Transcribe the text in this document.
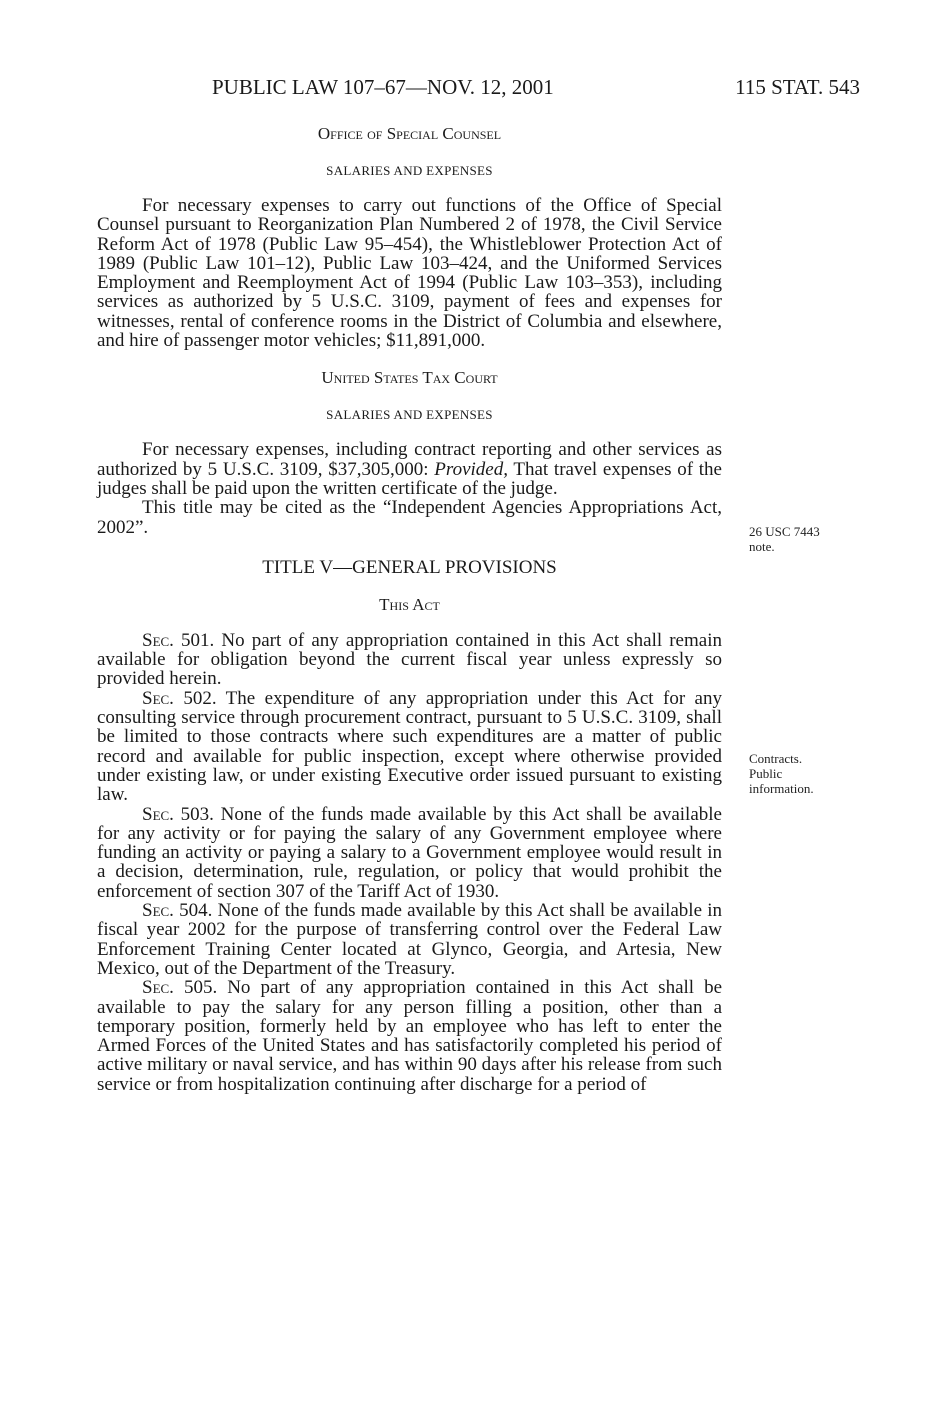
PUBLIC LAW 107–67—NOV. 12, 2001	115 STAT. 543

Office of Special Counsel

SALARIES AND EXPENSES

For necessary expenses to carry out functions of the Office of Special Counsel pursuant to Reorganization Plan Numbered 2 of 1978, the Civil Service Reform Act of 1978 (Public Law 95–454), the Whistleblower Protection Act of 1989 (Public Law 101–12), Public Law 103–424, and the Uniformed Services Employment and Reemployment Act of 1994 (Public Law 103–353), including services as authorized by 5 U.S.C. 3109, payment of fees and expenses for witnesses, rental of conference rooms in the District of Columbia and elsewhere, and hire of passenger motor vehicles; $11,891,000.

United States Tax Court

SALARIES AND EXPENSES

For necessary expenses, including contract reporting and other services as authorized by 5 U.S.C. 3109, $37,305,000: Provided, That travel expenses of the judges shall be paid upon the written certificate of the judge.

This title may be cited as the “Independent Agencies Appropriations Act, 2002”.

TITLE V—GENERAL PROVISIONS

This Act

Sec. 501. No part of any appropriation contained in this Act shall remain available for obligation beyond the current fiscal year unless expressly so provided herein.

Sec. 502. The expenditure of any appropriation under this Act for any consulting service through procurement contract, pursuant to 5 U.S.C. 3109, shall be limited to those contracts where such expenditures are a matter of public record and available for public inspection, except where otherwise provided under existing law, or under existing Executive order issued pursuant to existing law.

Sec. 503. None of the funds made available by this Act shall be available for any activity or for paying the salary of any Government employee where funding an activity or paying a salary to a Government employee would result in a decision, determination, rule, regulation, or policy that would prohibit the enforcement of section 307 of the Tariff Act of 1930.

Sec. 504. None of the funds made available by this Act shall be available in fiscal year 2002 for the purpose of transferring control over the Federal Law Enforcement Training Center located at Glynco, Georgia, and Artesia, New Mexico, out of the Department of the Treasury.

Sec. 505. No part of any appropriation contained in this Act shall be available to pay the salary for any person filling a position, other than a temporary position, formerly held by an employee who has left to enter the Armed Forces of the United States and has satisfactorily completed his period of active military or naval service, and has within 90 days after his release from such service or from hospitalization continuing after discharge for a period of

26 USC 7443
note.
Contracts.
Public
information.
